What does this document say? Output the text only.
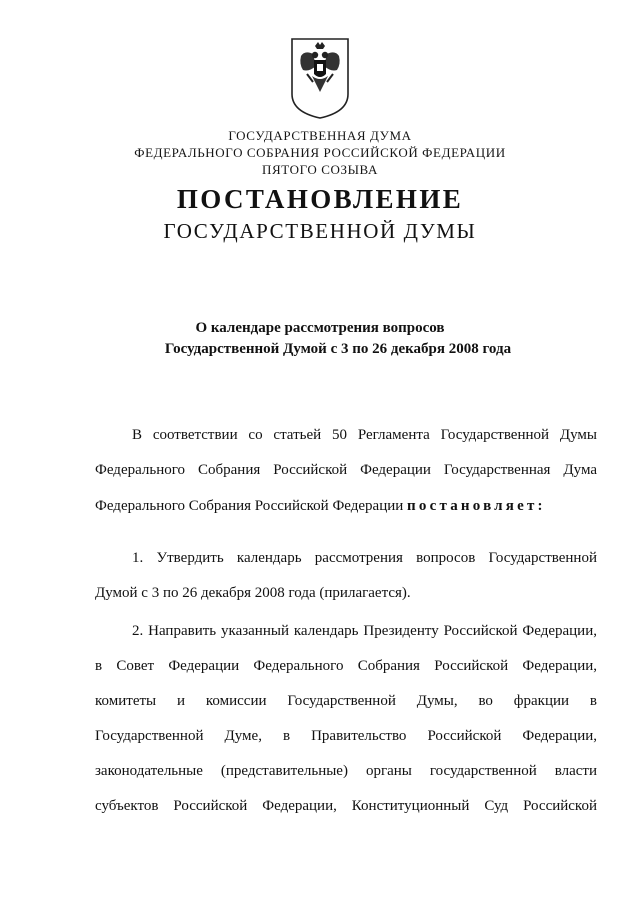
ГОСУДАРСТВЕННАЯ ДУМА
ФЕДЕРАЛЬНОГО СОБРАНИЯ РОССИЙСКОЙ ФЕДЕРАЦИИ
ПЯТОГО СОЗЫВА
ПОСТАНОВЛЕНИЕ
ГОСУДАРСТВЕННОЙ ДУМЫ
О календаре рассмотрения вопросов
Государственной Думой с 3 по 26 декабря 2008 года
В соответствии со статьей 50 Регламента Государственной Думы
Федерального Собрания Российской Федерации Государственная Дума
Федерального Собрания Российской Федерации постановляет:
1. Утвердить календарь рассмотрения вопросов Государственной
Думой с 3 по 26 декабря 2008 года (прилагается).
2. Направить указанный календарь Президенту Российской Федерации,
в Совет Федерации Федерального Собрания Российской Федерации,
комитеты и комиссии Государственной Думы, во фракции в
Государственной Думе, в Правительство Российской Федерации,
законодательные (представительные) органы государственной власти
субъектов Российской Федерации, Конституционный Суд Российской
